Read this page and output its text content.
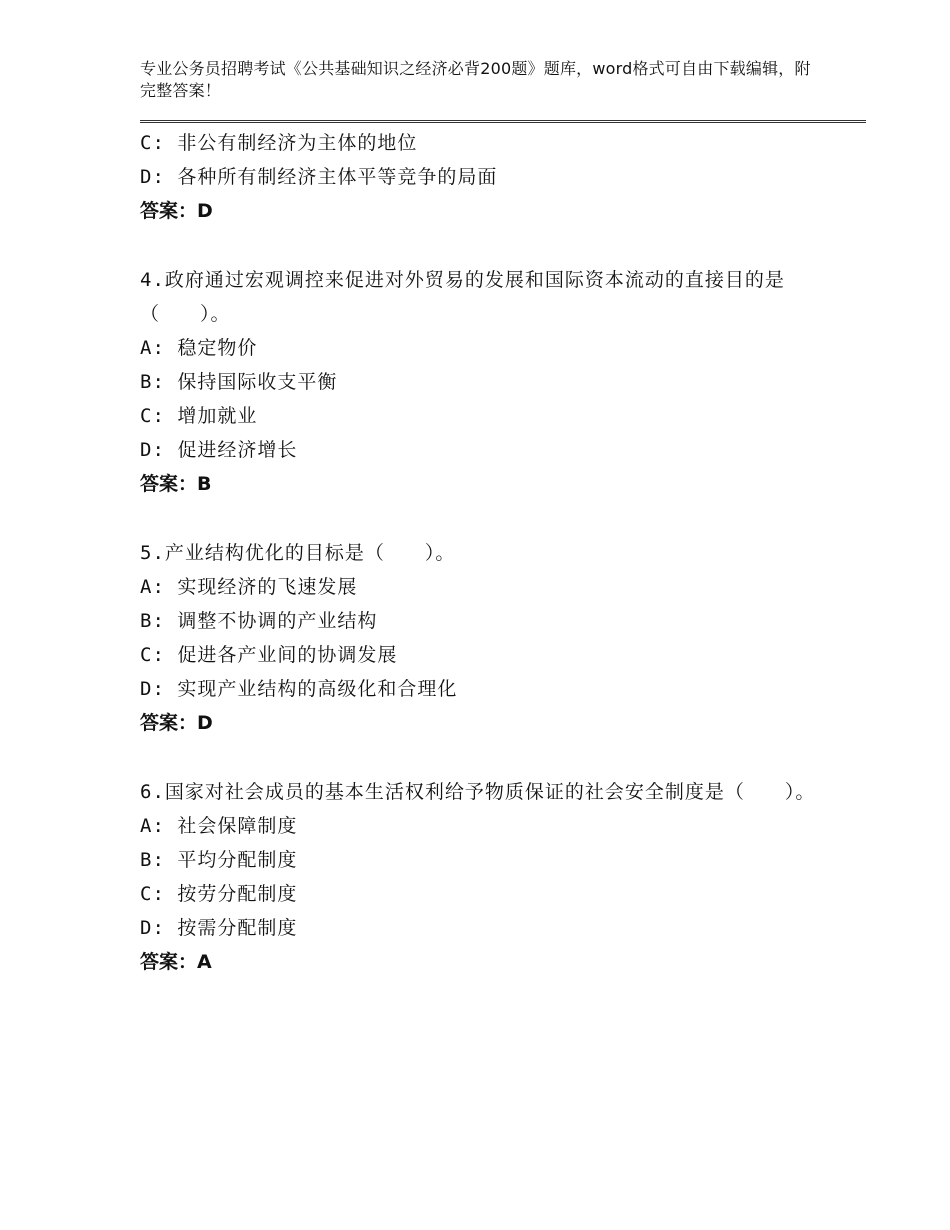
专业公务员招聘考试《公共基础知识之经济必背200题》题库，word格式可自由下载编辑，附完整答案！
C: 非公有制经济为主体的地位
D: 各种所有制经济主体平等竞争的局面
答案：D
4.政府通过宏观调控来促进对外贸易的发展和国际资本流动的直接目的是（　　）。
A: 稳定物价
B: 保持国际收支平衡
C: 增加就业
D: 促进经济增长
答案：B
5.产业结构优化的目标是（　　）。
A: 实现经济的飞速发展
B: 调整不协调的产业结构
C: 促进各产业间的协调发展
D: 实现产业结构的高级化和合理化
答案：D
6.国家对社会成员的基本生活权利给予物质保证的社会安全制度是（　　）。
A: 社会保障制度
B: 平均分配制度
C: 按劳分配制度
D: 按需分配制度
答案：A
